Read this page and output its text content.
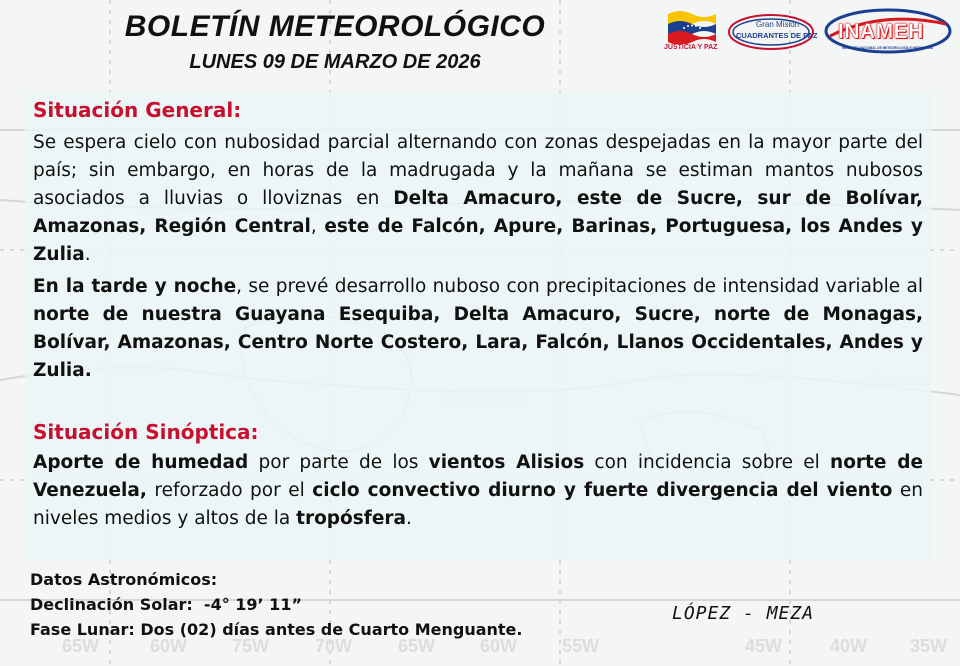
BOLETÍN METEOROLÓGICO
LUNES 09 DE MARZO DE 2026
JUSTICIA Y PAZ
Gran Misión
CUADRANTES DE PAZ INAMEH
INSTITUTO NACIONAL DE METEOROLOGÍA E HIDROLOGÍA
Situación General:
Se espera cielo con nubosidad parcial alternando con zonas despejadas en la mayor parte del país; sin embargo, en horas de la madrugada y la mañana se estiman mantos nubosos asociados a lluvias o lloviznas en Delta Amacuro, este de Sucre, sur de Bolívar, Amazonas, Región Central, este de Falcón, Apure, Barinas, Portuguesa, los Andes y Zulia.
En la tarde y noche, se prevé desarrollo nuboso con precipitaciones de intensidad variable al norte de nuestra Guayana Esequiba, Delta Amacuro, Sucre, norte de Monagas, Bolívar, Amazonas, Centro Norte Costero, Lara, Falcón, Llanos Occidentales, Andes y Zulia.
Situación Sinóptica:
Aporte de humedad por parte de los vientos Alisios con incidencia sobre el norte de Venezuela, reforzado por el ciclo convectivo diurno y fuerte divergencia del viento en niveles medios y altos de la tropósfera.
65W	60W 75W	70W	65W 60W 55W	45W	40W 35W
Datos Astronómicos:
Declinación Solar:  -4° 19’ 11”
Fase Lunar: Dos (02) días antes de Cuarto Menguante.
LÓPEZ - MEZA
